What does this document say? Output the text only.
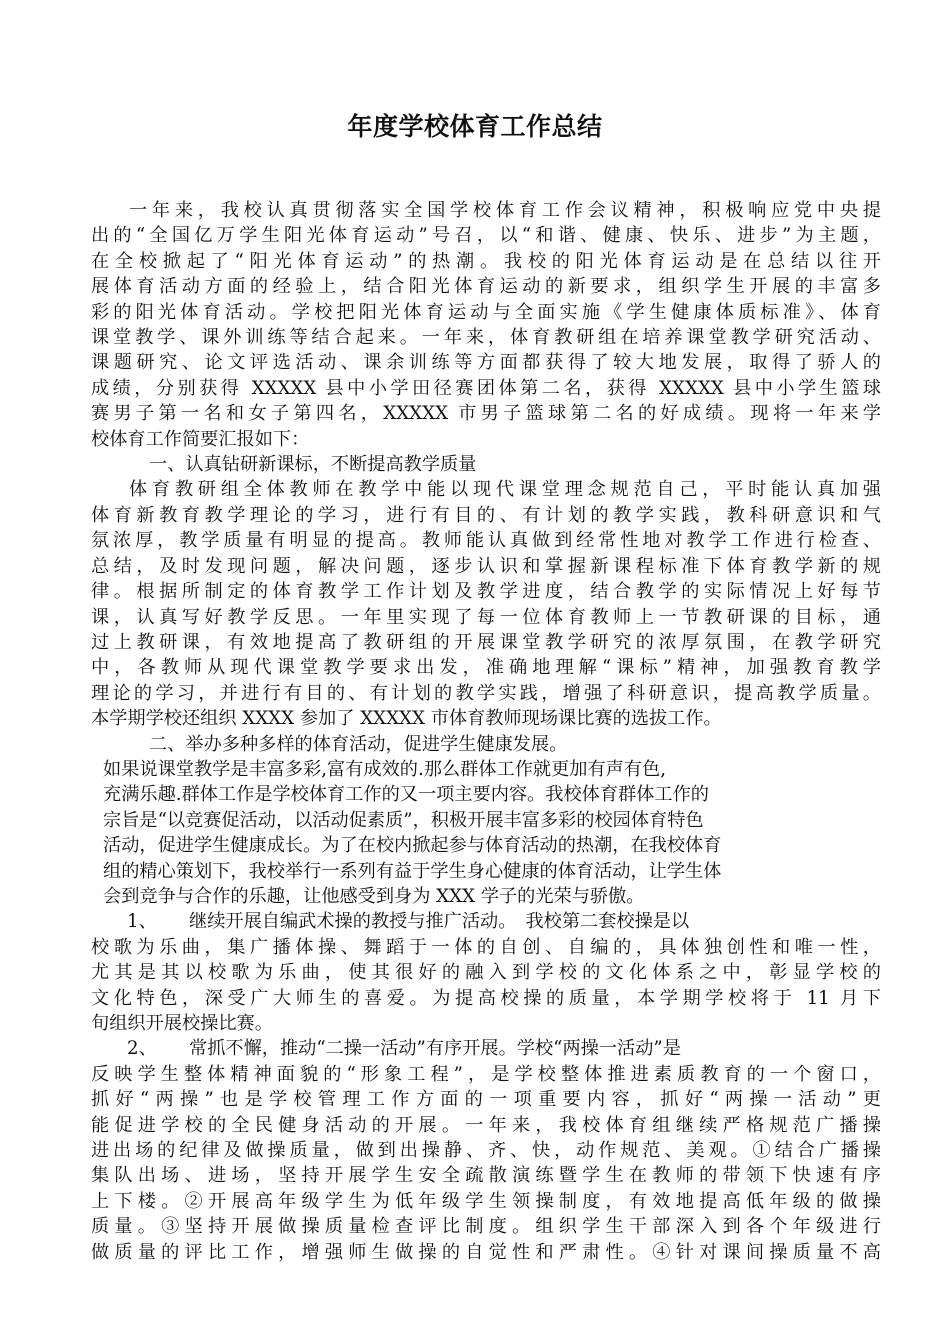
年度学校体育工作总结
一年来，我校认真贯彻落实全国学校体育工作会议精神，积极响应党中央提
出的“全国亿万学生阳光体育运动”号召，以“和谐、健康、快乐、进步”为主题，
在全校掀起了“阳光体育运动”的热潮。我校的阳光体育运动是在总结以往开
展体育活动方面的经验上，结合阳光体育运动的新要求，组织学生开展的丰富多
彩的阳光体育活动。学校把阳光体育运动与全面实施《学生健康体质标准》、体育
课堂教学、课外训练等结合起来。一年来，体育教研组在培养课堂教学研究活动、
课题研究、论文评选活动、课余训练等方面都获得了较大地发展，取得了骄人的
成绩，分别获得 XXXXX 县中小学田径赛团体第二名，获得 XXXXX 县中小学生篮球
赛男子第一名和女子第四名，XXXXX 市男子篮球第二名的好成绩。现将一年来学
校体育工作简要汇报如下：
一、认真钻研新课标，不断提高教学质量
体育教研组全体教师在教学中能以现代课堂理念规范自己，平时能认真加强
体育新教育教学理论的学习，进行有目的、有计划的教学实践，教科研意识和气
氛浓厚，教学质量有明显的提高。教师能认真做到经常性地对教学工作进行检查、
总结，及时发现问题，解决问题，逐步认识和掌握新课程标准下体育教学新的规
律。根据所制定的体育教学工作计划及教学进度，结合教学的实际情况上好每节
课，认真写好教学反思。一年里实现了每一位体育教师上一节教研课的目标，通
过上教研课，有效地提高了教研组的开展课堂教学研究的浓厚氛围，在教学研究
中，各教师从现代课堂教学要求出发，准确地理解“课标”精神，加强教育教学
理论的学习，并进行有目的、有计划的教学实践，增强了科研意识，提高教学质量。
本学期学校还组织 XXXX 参加了 XXXXX 市体育教师现场课比赛的选拔工作。
二、举办多种多样的体育活动，促进学生健康发展。
如果说课堂教学是丰富多彩,富有成效的.那么群体工作就更加有声有色,
充满乐趣.群体工作是学校体育工作的又一项主要内容。我校体育群体工作的
宗旨是“以竞赛促活动，以活动促素质”，积极开展丰富多彩的校园体育特色
活动，促进学生健康成长。为了在校内掀起参与体育活动的热潮，在我校体育
组的精心策划下，我校举行一系列有益于学生身心健康的体育活动，让学生体
会到竞争与合作的乐趣，让他感受到身为 XXX 学子的光荣与骄傲。
1、 继续开展自编武术操的教授与推广活动。　我校第二套校操是以
校歌为乐曲，集广播体操、舞蹈于一体的自创、自编的，具体独创性和唯一性，
尤其是其以校歌为乐曲，使其很好的融入到学校的文化体系之中，彰显学校的
文化特色，深受广大师生的喜爱。为提高校操的质量，本学期学校将于 11 月下
旬组织开展校操比赛。
2、 常抓不懈，推动“二操一活动”有序开展。学校“两操一活动”是
反映学生整体精神面貌的“形象工程”，是学校整体推进素质教育的一个窗口，
抓好“两操”也是学校管理工作方面的一项重要内容，抓好“两操一活动”更
能促进学校的全民健身活动的开展。一年来，我校体育组继续严格规范广播操
进出场的纪律及做操质量，做到出操静、齐、快，动作规范、美观。①结合广播操
集队出场、进场，坚持开展学生安全疏散演练暨学生在教师的带领下快速有序
上下楼。②开展高年级学生为低年级学生领操制度，有效地提高低年级的做操
质量。③坚持开展做操质量检查评比制度。组织学生干部深入到各个年级进行
做质量的评比工作，增强师生做操的自觉性和严肃性。④针对课间操质量不高
